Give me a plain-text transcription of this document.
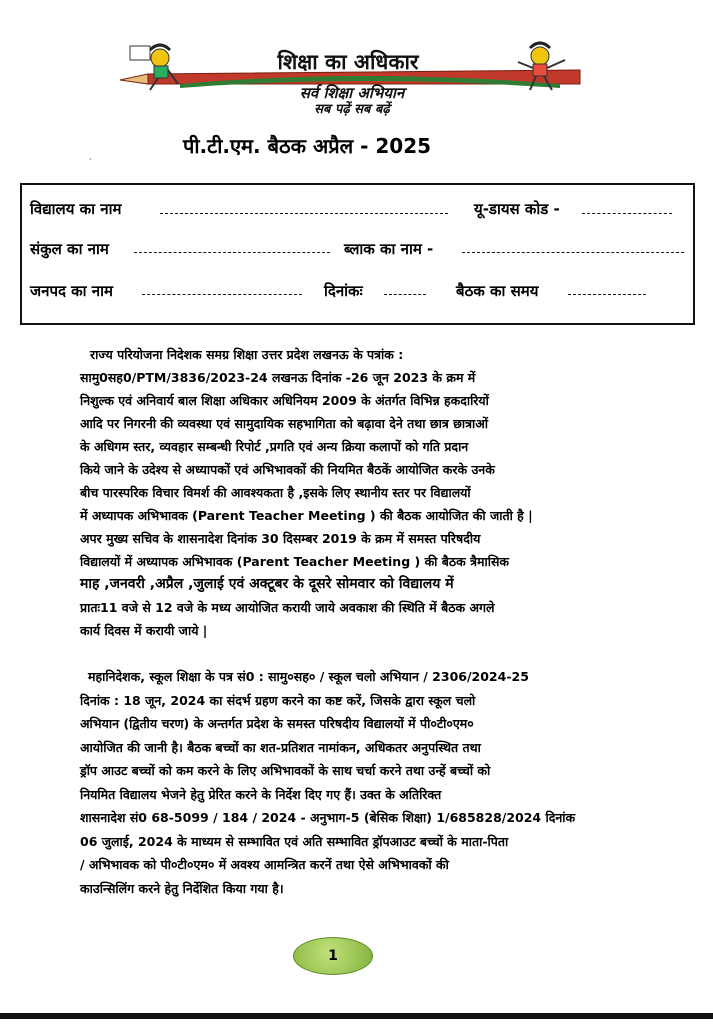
शिक्षा का अधिकार
सर्व शिक्षा अभियान
सब पढ़ें सब बढ़ें
पी.टी.एम. बैठक अप्रैल - 2025
·
विद्यालय का नाम	यू-डायस कोड -
संकुल का नाम	ब्लाक का नाम -
जनपद का नाम	दिनांकः	बैठक का समय
राज्य परियोजना निदेशक समग्र शिक्षा उत्तर प्रदेश लखनऊ के पत्रांक :
सामु0सह0/PTM/3836/2023-24 लखनऊ दिनांक -26 जून 2023 के क्रम में
निशुल्क एवं अनिवार्य बाल शिक्षा अधिकार अधिनियम 2009 के अंतर्गत विभिन्न हकदारियों
आदि पर निगरनी की व्यवस्था एवं सामुदायिक सहभागिता को बढ़ावा देने तथा छात्र छात्राओं
के अधिगम स्तर, व्यवहार सम्बन्धी रिपोर्ट ,प्रगति एवं अन्य क्रिया कलापों को गति प्रदान
किये जाने के उदेश्य से अध्यापकों एवं अभिभावकों की नियमित बैठकें आयोजित करके उनके
बीच पारस्परिक विचार विमर्श की आवश्यकता है ,इसके लिए स्थानीय स्तर पर विद्यालयों
में अध्यापक अभिभावक (Parent Teacher Meeting ) की बैठक आयोजित की जाती है |
अपर मुख्य सचिव के शासनादेश दिनांक 30 दिसम्बर 2019 के क्रम में समस्त परिषदीय
विद्यालयों में अध्यापक अभिभावक (Parent Teacher Meeting ) की बैठक त्रैमासिक
माह ,जनवरी ,अप्रैल ,जुलाई एवं अक्टूबर के दूसरे सोमवार को विद्यालय में
प्रातः11 वजे से 12 वजे के मध्य आयोजित करायी जाये अवकाश की स्थिति में बैठक अगले
कार्य दिवस में करायी जाये |
महानिदेशक, स्कूल शिक्षा के पत्र सं0 : सामु०सह० / स्कूल चलो अभियान / 2306/2024-25
दिनांक : 18 जून, 2024 का संदर्भ ग्रहण करने का कष्ट करें, जिसके द्वारा स्कूल चलो
अभियान (द्वितीय चरण) के अन्तर्गत प्रदेश के समस्त परिषदीय विद्यालयों में पी०टी०एम०
आयोजित की जानी है। बैठक बच्चों का शत-प्रतिशत नामांकन, अधिकतर अनुपस्थित तथा
ड्रॉप आउट बच्चों को कम करने के लिए अभिभावकों के साथ चर्चा करने तथा उन्हें बच्चों को
नियमित विद्यालय भेजने हेतु प्रेरित करने के निर्देश दिए गए हैं। उक्त के अतिरिक्त
शासनादेश सं0 68-5099 / 184 / 2024 - अनुभाग-5 (बेसिक शिक्षा) 1/685828/2024 दिनांक
06 जुलाई, 2024 के माध्यम से सम्भावित एवं अति सम्भावित ड्रॉपआउट बच्चों के माता-पिता
/ अभिभावक को पी०टी०एम० में अवश्य आमन्त्रित करनें तथा ऐसे अभिभावकों की
काउन्सिलिंग करने हेतु निर्देशित किया गया है।
1
